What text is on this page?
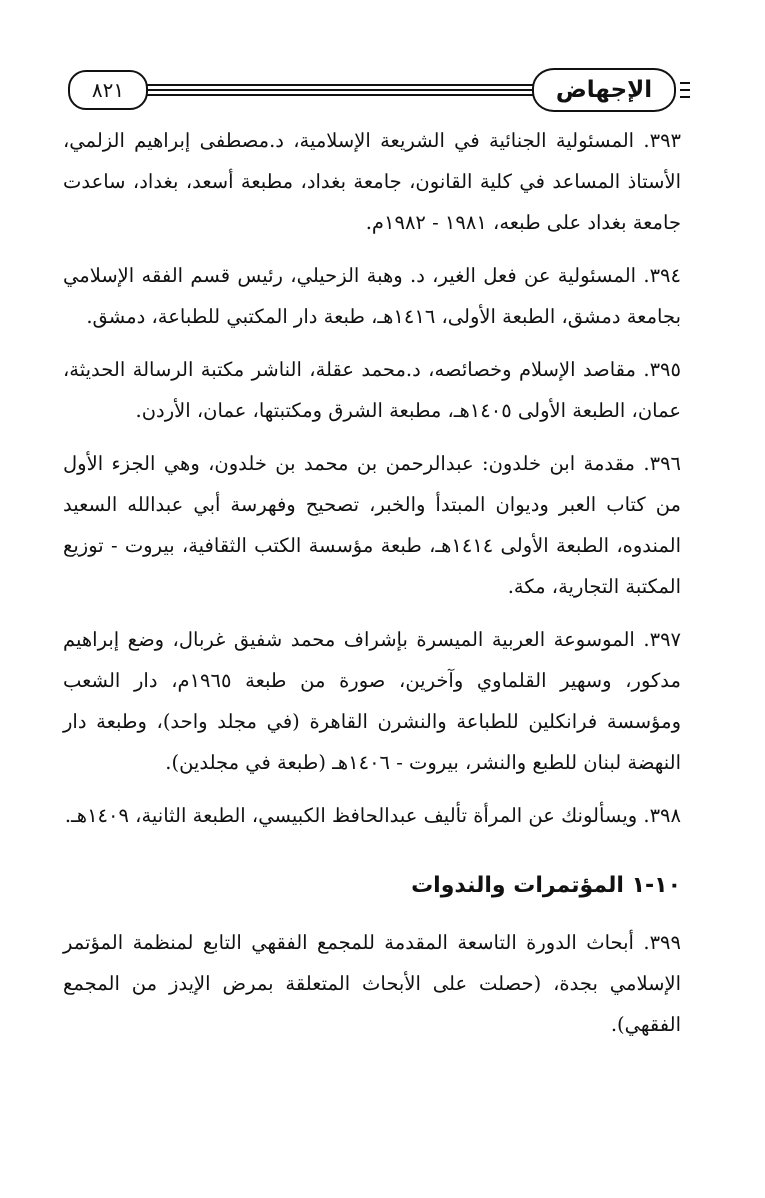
الإجهاض
٨٢١

٣٩٣. المسئولية الجنائية في الشريعة الإسلامية، د.مصطفى إبراهيم الزلمي، الأستاذ المساعد في كلية القانون، جامعة بغداد، مطبعة أسعد، بغداد، ساعدت جامعة بغداد على طبعه، ١٩٨١ - ١٩٨٢م.

٣٩٤. المسئولية عن فعل الغير، د. وهبة الزحيلي، رئيس قسم الفقه الإسلامي بجامعة دمشق، الطبعة الأولى، ١٤١٦هـ، طبعة دار المكتبي للطباعة، دمشق.

٣٩٥. مقاصد الإسلام وخصائصه، د.محمد عقلة، الناشر مكتبة الرسالة الحديثة، عمان، الطبعة الأولى ١٤٠٥هـ، مطبعة الشرق ومكتبتها، عمان، الأردن.

٣٩٦. مقدمة ابن خلدون: عبدالرحمن بن محمد بن خلدون، وهي الجزء الأول من كتاب العبر وديوان المبتدأ والخبر، تصحيح وفهرسة أبي عبدالله السعيد المندوه، الطبعة الأولى ١٤١٤هـ، طبعة مؤسسة الكتب الثقافية، بيروت - توزيع المكتبة التجارية، مكة.

٣٩٧. الموسوعة العربية الميسرة بإشراف محمد شفيق غربال، وضع إبراهيم مدكور، وسهير القلماوي وآخرين، صورة من طبعة ١٩٦٥م، دار الشعب ومؤسسة فرانكلين للطباعة والنشرن القاهرة (في مجلد واحد)، وطبعة دار النهضة لبنان للطبع والنشر، بيروت - ١٤٠٦هـ (طبعة في مجلدين).

٣٩٨. ويسألونك عن المرأة تأليف عبدالحافظ الكبيسي، الطبعة الثانية، ١٤٠٩هـ.

١٠-١ المؤتمرات والندوات

٣٩٩. أبحاث الدورة التاسعة المقدمة للمجمع الفقهي التابع لمنظمة المؤتمر الإسلامي بجدة، (حصلت على الأبحاث المتعلقة بمرض الإيدز من المجمع الفقهي).
